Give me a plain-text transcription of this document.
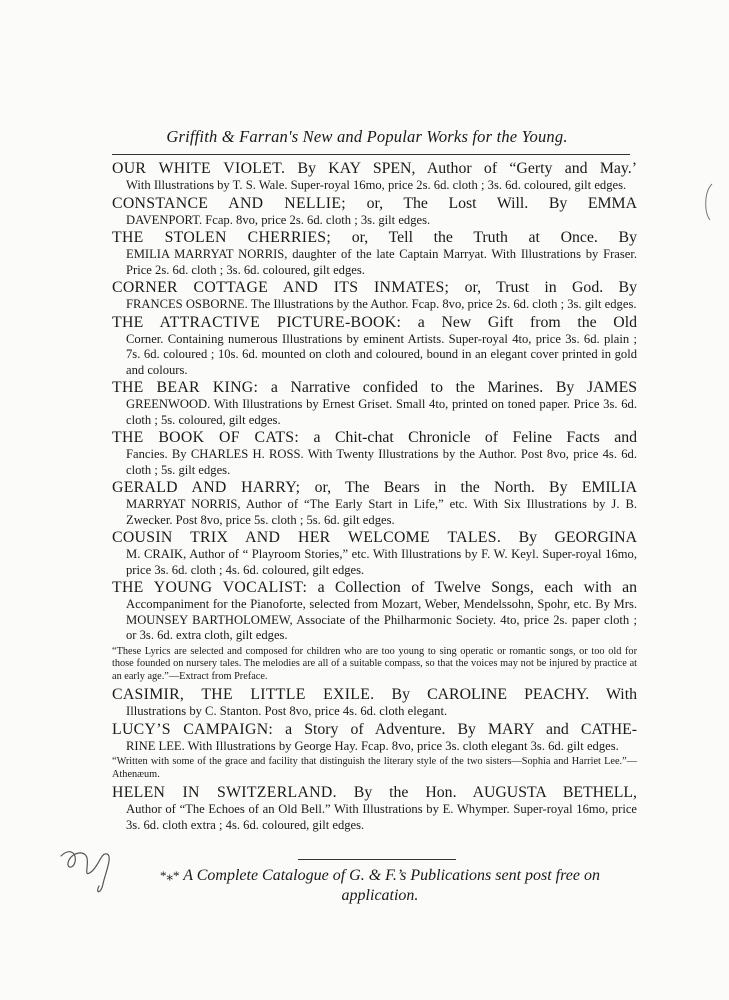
Griffith & Farran's New and Popular Works for the Young.

OUR WHITE VIOLET. By KAY SPEN, Author of “Gerty and May.’

With Illustrations by T. S. Wale. Super-royal 16mo, price 2s. 6d. cloth ; 3s. 6d. coloured, gilt edges.

CONSTANCE AND NELLIE; or, The Lost Will. By EMMA

DAVENPORT. Fcap. 8vo, price 2s. 6d. cloth ; 3s. gilt edges.

THE STOLEN CHERRIES; or, Tell the Truth at Once. By

EMILIA MARRYAT NORRIS, daughter of the late Captain Marryat. With Illustrations by Fraser. Price 2s. 6d. cloth ; 3s. 6d. coloured, gilt edges.

CORNER COTTAGE AND ITS INMATES; or, Trust in God. By

FRANCES OSBORNE. The Illustrations by the Author. Fcap. 8vo, price 2s. 6d. cloth ; 3s. gilt edges.

THE ATTRACTIVE PICTURE-BOOK: a New Gift from the Old

Corner. Containing numerous Illustrations by eminent Artists. Super-royal 4to, price 3s. 6d. plain ; 7s. 6d. coloured ; 10s. 6d. mounted on cloth and coloured, bound in an elegant cover printed in gold and colours.

THE BEAR KING: a Narrative confided to the Marines. By JAMES

GREENWOOD. With Illustrations by Ernest Griset. Small 4to, printed on toned paper. Price 3s. 6d. cloth ; 5s. coloured, gilt edges.

THE BOOK OF CATS: a Chit-chat Chronicle of Feline Facts and

Fancies. By CHARLES H. ROSS. With Twenty Illustrations by the Author. Post 8vo, price 4s. 6d. cloth ; 5s. gilt edges.

GERALD AND HARRY; or, The Bears in the North. By EMILIA

MARRYAT NORRIS, Author of “The Early Start in Life,” etc. With Six Illustrations by J. B. Zwecker. Post 8vo, price 5s. cloth ; 5s. 6d. gilt edges.

COUSIN TRIX AND HER WELCOME TALES. By GEORGINA

M. CRAIK, Author of “ Playroom Stories,” etc. With Illustrations by F. W. Keyl. Super-royal 16mo, price 3s. 6d. cloth ; 4s. 6d. coloured, gilt edges.

THE YOUNG VOCALIST: a Collection of Twelve Songs, each with an

Accompaniment for the Pianoforte, selected from Mozart, Weber, Mendelssohn, Spohr, etc. By Mrs. MOUNSEY BARTHOLOMEW, Associate of the Philharmonic Society. 4to, price 2s. paper cloth ; or 3s. 6d. extra cloth, gilt edges.

“These Lyrics are selected and composed for children who are too young to sing operatic or romantic songs, or too old for those founded on nursery tales. The melodies are all of a suitable compass, so that the voices may not be injured by practice at an early age.”—Extract from Preface.

CASIMIR, THE LITTLE EXILE. By CAROLINE PEACHY. With

Illustrations by C. Stanton. Post 8vo, price 4s. 6d. cloth elegant.

LUCY’S CAMPAIGN: a Story of Adventure. By MARY and CATHE-

RINE LEE. With Illustrations by George Hay. Fcap. 8vo, price 3s. cloth elegant 3s. 6d. gilt edges.

“Written with some of the grace and facility that distinguish the literary style of the two sisters—Sophia and Harriet Lee.”—Athenæum.

HELEN IN SWITZERLAND. By the Hon. AUGUSTA BETHELL,

Author of “The Echoes of an Old Bell.” With Illustrations by E. Whymper. Super-royal 16mo, price 3s. 6d. cloth extra ; 4s. 6d. coloured, gilt edges.

*⁎* A Complete Catalogue of G. & F.’s Publications sent post free on
application.
